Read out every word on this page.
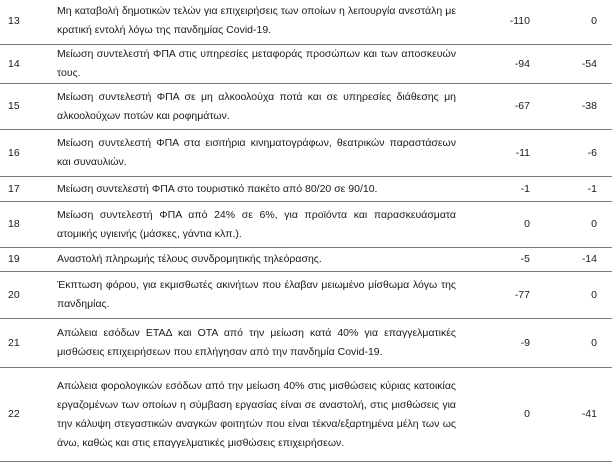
13	Μη καταβολή δημοτικών τελών για επιχειρήσεις των οποίων η λειτουργία ανεστάλη με κρατική εντολή λόγω της πανδημίας Covid-19.	-110	0
14	Μείωση συντελεστή ΦΠΑ στις υπηρεσίες μεταφοράς προσώπων και των αποσκευών τους.	-94	-54
15	Μείωση συντελεστή ΦΠΑ σε μη αλκοολούχα ποτά και σε υπηρεσίες διάθεσης μη αλκοολούχων ποτών και ροφημάτων.	-67	-38
16	Μείωση συντελεστή ΦΠΑ στα εισιτήρια κινηματογράφων, θεατρικών παραστάσεων και συναυλιών.	-11	-6
17	Μείωση συντελεστή ΦΠΑ στο τουριστικό πακέτο από 80/20 σε 90/10.	-1	-1
18	Μείωση συντελεστή ΦΠΑ από 24% σε 6%, για προϊόντα και παρασκευάσματα ατομικής υγιεινής (μάσκες, γάντια κλπ.).	0	0
19	Αναστολή πληρωμής τέλους συνδρομητικής τηλεόρασης.	-5	-14
20	Έκπτωση φόρου, για εκμισθωτές ακινήτων που έλαβαν μειωμένο μίσθωμα λόγω της πανδημίας.	-77	0
21	Απώλεια εσόδων ΕΤΑΔ και ΟΤΑ από την μείωση κατά 40% για επαγγελματικές μισθώσεις επιχειρήσεων που επλήγησαν από την πανδημία Covid-19.	-9	0
22	Απώλεια φορολογικών εσόδων από την μείωση 40% στις μισθώσεις κύριας κατοικίας εργαζομένων των οποίων η σύμβαση εργασίας είναι σε αναστολή, στις μισθώσεις για την κάλυψη στεγαστικών αναγκών φοιτητών που είναι τέκνα/εξαρτημένα μέλη των ως άνω, καθώς και στις επαγγελματικές μισθώσεις επιχειρήσεων.	0	-41
